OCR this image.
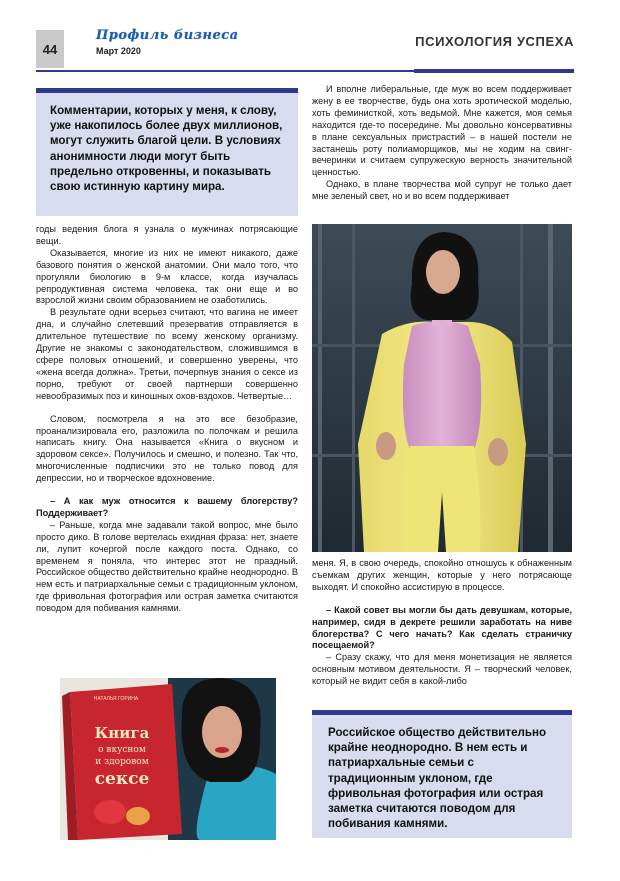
44
Профиль бизнеса
Март 2020
ПСИХОЛОГИЯ УСПЕХА
Комментарии, которых у меня, к слову, уже накопилось более двух миллионов, могут служить благой цели. В условиях анонимности люди могут быть предельно откровенны, и показывать свою истинную картину мира.

годы ведения блога я узнала о мужчинах потрясающие вещи.

Оказывается, многие из них не имеют никакого, даже базового понятия о женской анатомии. Они мало того, что прогуляли биологию в 9-м классе, когда изучалась репродуктивная система человека, так они еще и во взрослой жизни своим образованием не озаботились.

В результате одни всерьез считают, что вагина не имеет дна, и случайно слетевший презерватив отправляется в длительное путешествие по всему женскому организму. Другие не знакомы с законодательством, сложившимся в сфере половых отношений, и совершенно уверены, что «жена всегда должна». Третьи, почерпнув знания о сексе из порно, требуют от своей партнерши совершенно невообразимых поз и киношных охов-вздохов. Четвертые…

Словом, посмотрела я на это все безобразие, проанализировала его, разложила по полочкам и решила написать книгу. Она называется «Книга о вкусном и здоровом сексе». Получилось и смешно, и полезно. Так что, многочисленные подписчики это не только повод для депрессии, но и творческое вдохновение.

– А как муж относится к вашему блогерству? Поддерживает?

– Раньше, когда мне задавали такой вопрос, мне было просто дико. В голове вертелась ехидная фраза: нет, знаете ли, лупит кочергой после каждого поста. Однако, со временем я поняла, что интерес этот не праздный. Российское общество действительно крайне неоднородно. В нем есть и патриархальные семьи с традиционным уклоном, где фривольная фотография или острая заметка считаются поводом для побивания камнями.

И вполне либеральные, где муж во всем поддерживает жену в ее творчестве, будь она хоть эротической моделью, хоть феминисткой, хоть ведьмой. Мне кажется, моя семья находится где-то посередине. Мы довольно консервативны в плане сексуальных пристрастий – в нашей постели не застанешь роту полиаморщиков, мы не ходим на свинг-вечеринки и считаем супружескую верность значительной ценностью.

Однако, в плане творчества мой супруг не только дает мне зеленый свет, но и во всем поддерживает

меня. Я, в свою очередь, спокойно отношусь к обнаженным съемкам других женщин, которые у него потрясающе выходят. И спокойно ассистирую в процессе.

– Какой совет вы могли бы дать девушкам, которые, например, сидя в декрете решили заработать на ниве блогерства? С чего начать? Как сделать страничку посещаемой?

– Сразу скажу, что для меня монетизация не является основным мотивом деятельности. Я – творческий человек, который не видит себя в какой-либо

Российское общество действительно крайне неоднородно. В нем есть и патриархальные семьи с традиционным уклоном, где фривольная фотография или острая заметка считаются поводом для побивания камнями.
НАТАЛЬЯ ГОРИНА
Книга
о вкусном
и здоровом
сексе
